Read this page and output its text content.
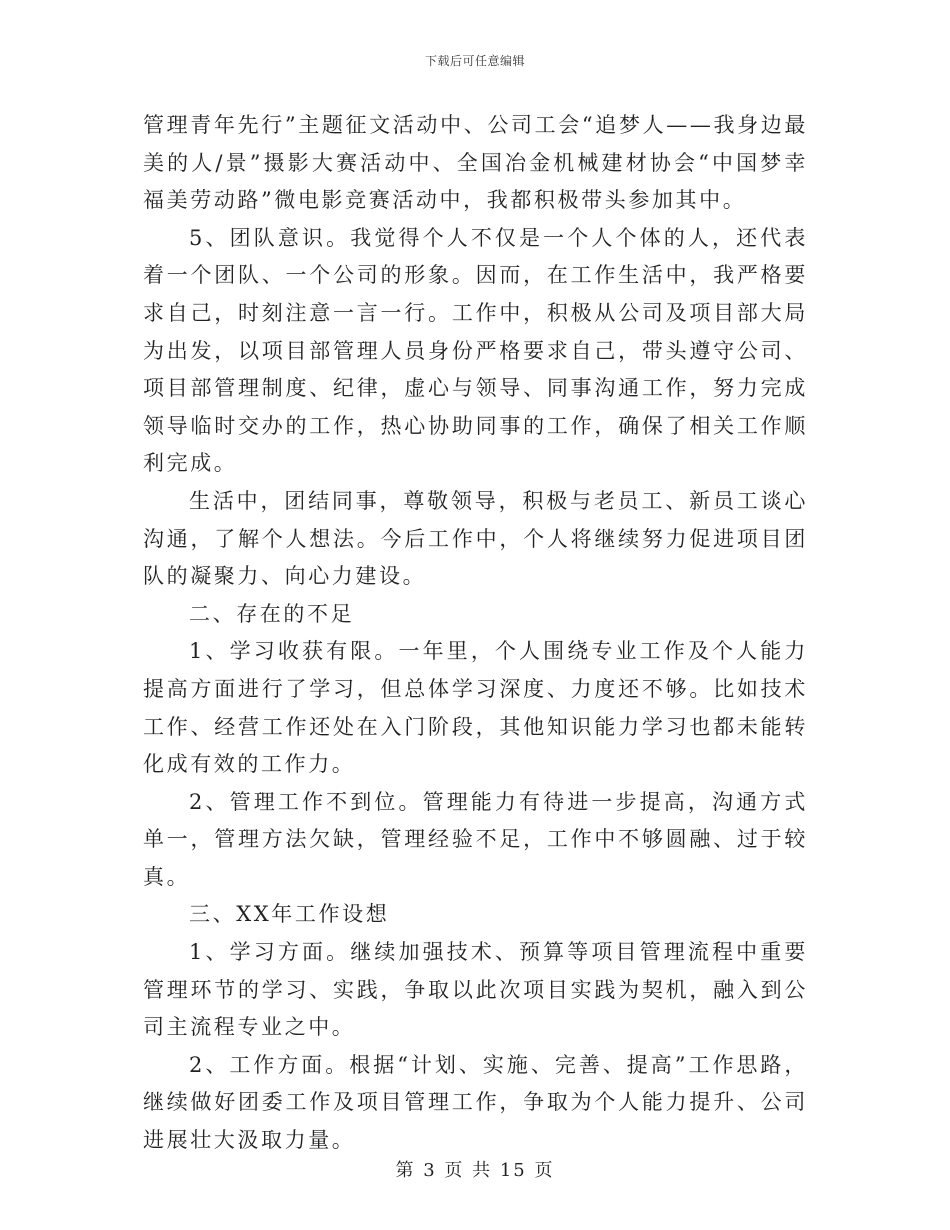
下载后可任意编辑

管理青年先行”主题征文活动中、公司工会“追梦人——我身边最美的人/景”摄影大赛活动中、全国冶金机械建材协会“中国梦幸福美劳动路”微电影竞赛活动中，我都积极带头参加其中。

5、团队意识。我觉得个人不仅是一个人个体的人，还代表着一个团队、一个公司的形象。因而，在工作生活中，我严格要求自己，时刻注意一言一行。工作中，积极从公司及项目部大局为出发，以项目部管理人员身份严格要求自己，带头遵守公司、项目部管理制度、纪律，虚心与领导、同事沟通工作，努力完成领导临时交办的工作，热心协助同事的工作，确保了相关工作顺利完成。

生活中，团结同事，尊敬领导，积极与老员工、新员工谈心沟通，了解个人想法。今后工作中，个人将继续努力促进项目团队的凝聚力、向心力建设。

二、存在的不足

1、学习收获有限。一年里，个人围绕专业工作及个人能力提高方面进行了学习，但总体学习深度、力度还不够。比如技术工作、经营工作还处在入门阶段，其他知识能力学习也都未能转化成有效的工作力。

2、管理工作不到位。管理能力有待进一步提高，沟通方式单一，管理方法欠缺，管理经验不足，工作中不够圆融、过于较真。

三、XX年工作设想

1、学习方面。继续加强技术、预算等项目管理流程中重要管理环节的学习、实践，争取以此次项目实践为契机，融入到公司主流程专业之中。

2、工作方面。根据“计划、实施、完善、提高”工作思路，继续做好团委工作及项目管理工作，争取为个人能力提升、公司进展壮大汲取力量。

第 3 页 共 15 页
